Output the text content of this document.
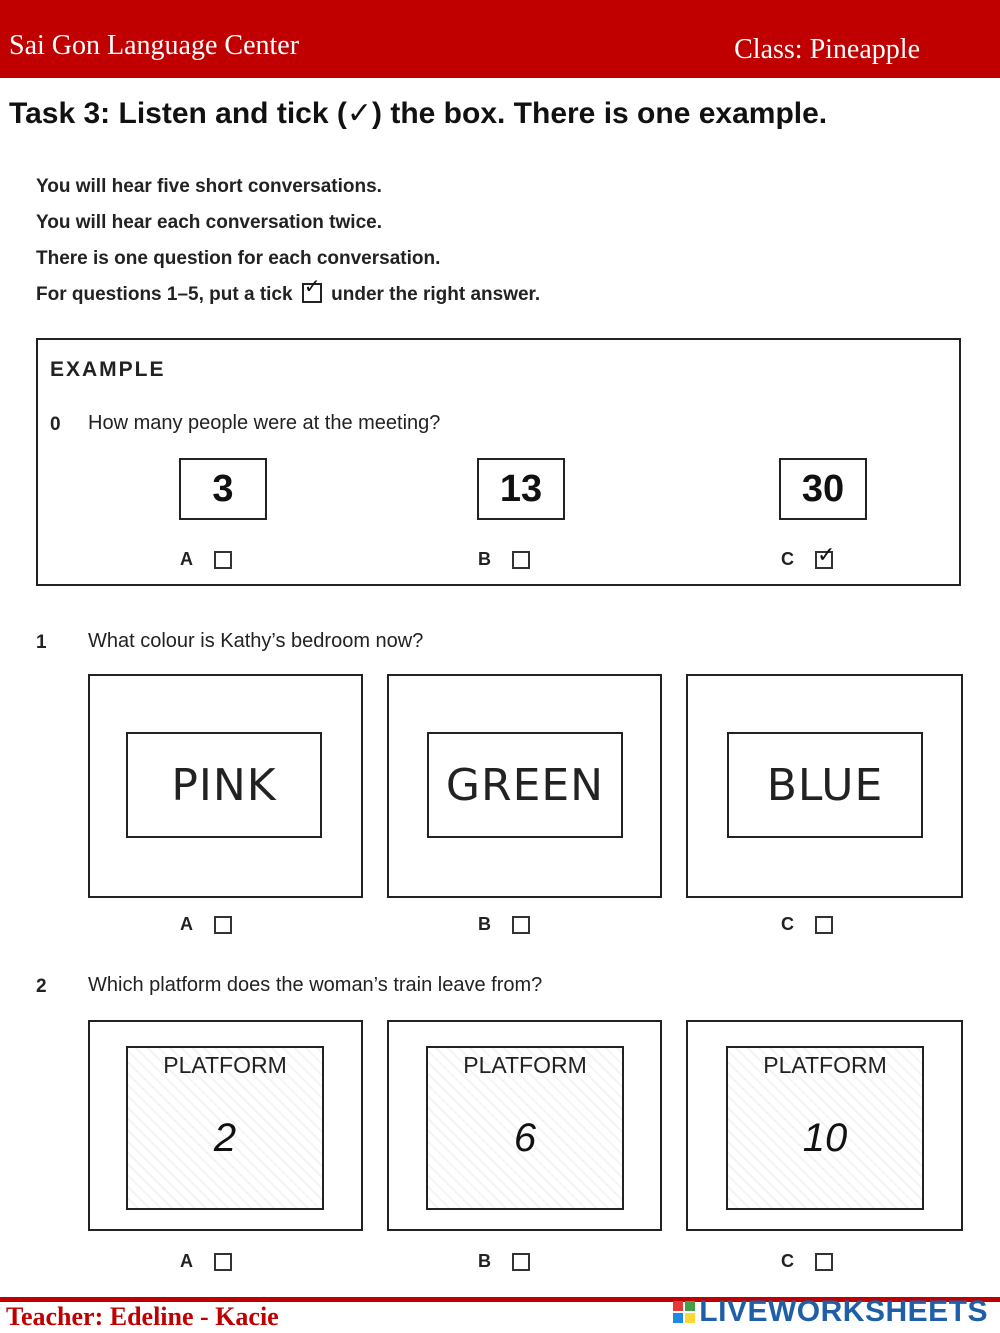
Sai Gon Language Center	Class: Pineapple
Task 3: Listen and tick (✓) the box. There is one example.
You will hear five short conversations.
You will hear each conversation twice.
There is one question for each conversation.
For questions 1–5, put a tick ✓ under the right answer.
EXAMPLE
0 How many people were at the meeting?
3	13	30
A	B	C	✓
1 What colour is Kathy’s bedroom now?
PINK	GREEN	BLUE
A	B	C
2 Which platform does the woman’s train leave from?
PLATFORM
2
PLATFORM
6
PLATFORM
10
A	B	C
Teacher: Edeline - Kacie	LIVEWORKSHEETS
